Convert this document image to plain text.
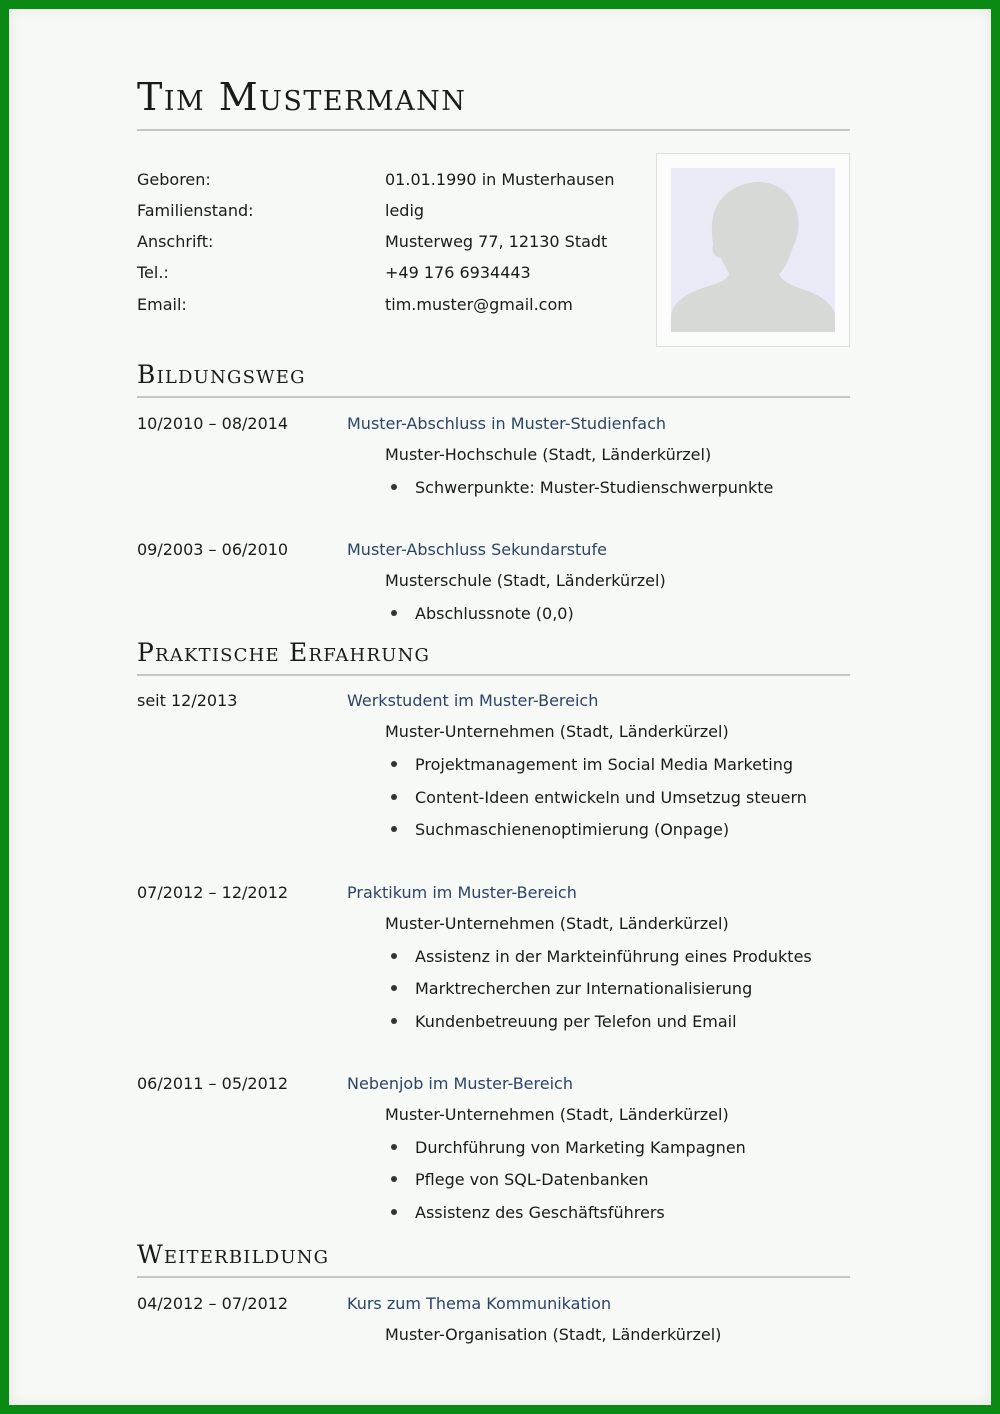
Tim Mustermann
Geboren:	01.01.1990 in Musterhausen
Familienstand:	ledig
Anschrift:	Musterweg 77, 12130 Stadt
Tel.:	+49 176 6934443
Email:	tim.muster@gmail.com
Bildungsweg
10/2010 – 08/2014	Muster-Abschluss in Muster-Studienfach
Muster-Hochschule (Stadt, Länderkürzel)
Schwerpunkte: Muster-Studienschwerpunkte
09/2003 – 06/2010	Muster-Abschluss Sekundarstufe
Musterschule (Stadt, Länderkürzel)
Abschlussnote (0,0)
Praktische Erfahrung
seit 12/2013	Werkstudent im Muster-Bereich
Muster-Unternehmen (Stadt, Länderkürzel)
Projektmanagement im Social Media Marketing
Content-Ideen entwickeln und Umsetzug steuern
Suchmaschienenoptimierung (Onpage)
07/2012 – 12/2012	Praktikum im Muster-Bereich
Muster-Unternehmen (Stadt, Länderkürzel)
Assistenz in der Markteinführung eines Produktes
Marktrecherchen zur Internationalisierung
Kundenbetreuung per Telefon und Email
06/2011 – 05/2012	Nebenjob im Muster-Bereich
Muster-Unternehmen (Stadt, Länderkürzel)
Durchführung von Marketing Kampagnen
Pflege von SQL-Datenbanken
Assistenz des Geschäftsführers
Weiterbildung
04/2012 – 07/2012	Kurs zum Thema Kommunikation
Muster-Organisation (Stadt, Länderkürzel)
